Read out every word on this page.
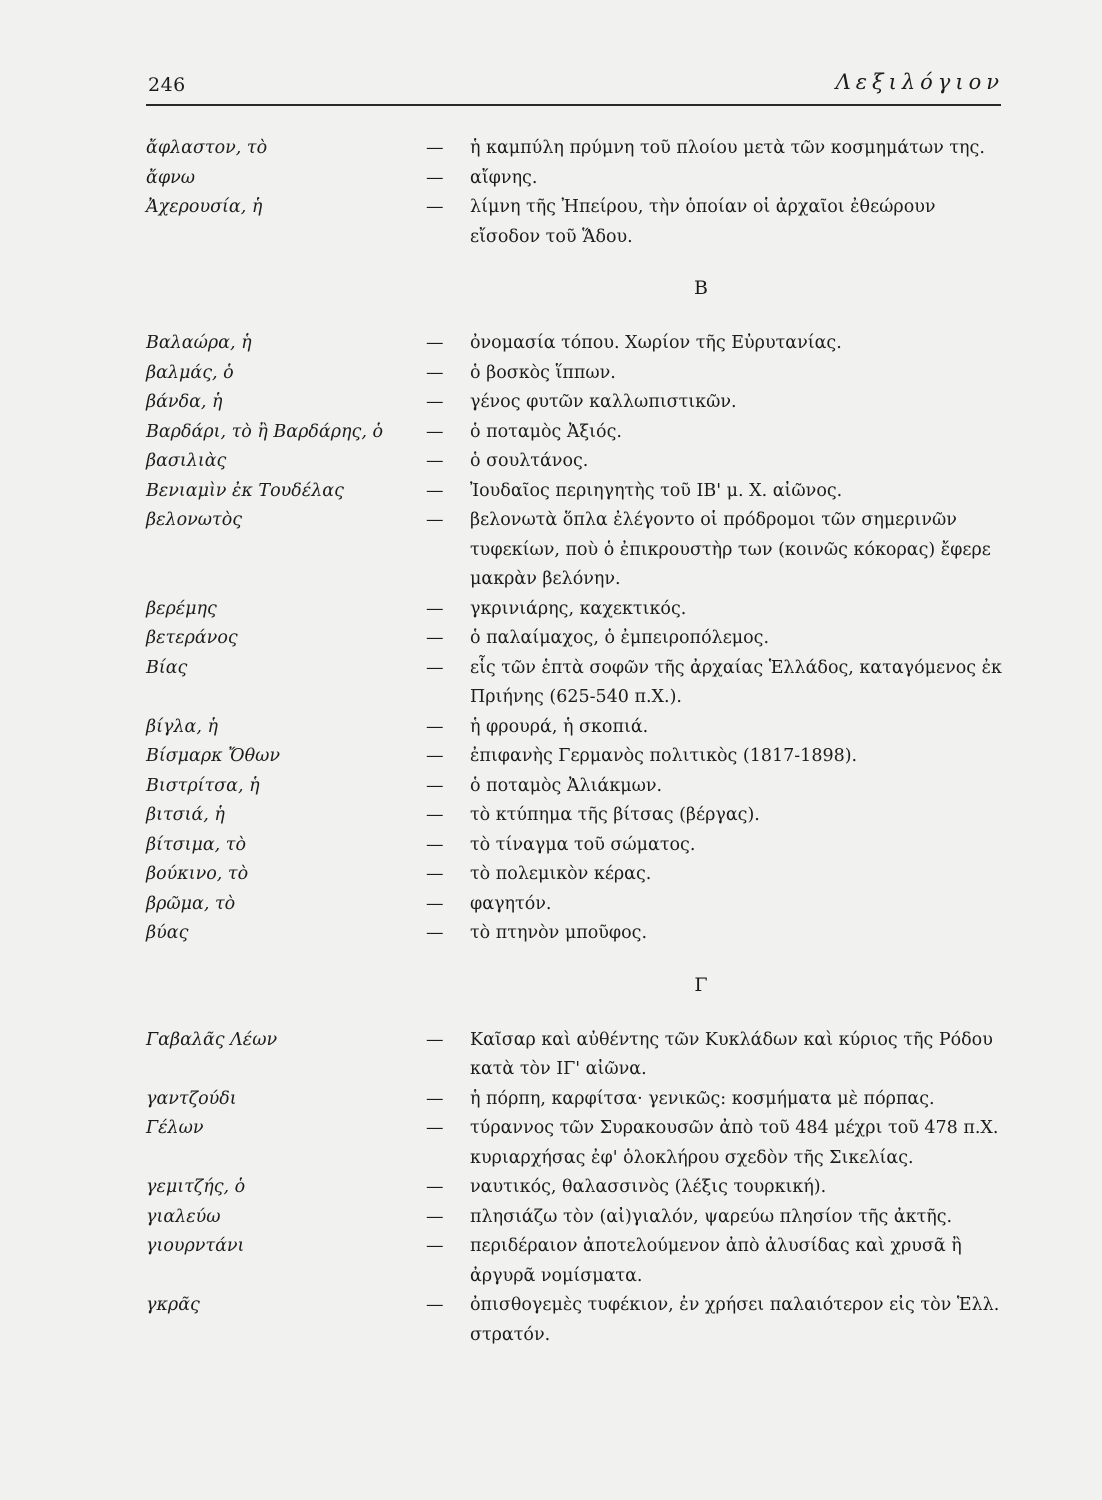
246	Λεξιλόγιον
ἄφλαστον, τὸ	—	ἡ καμπύλη πρύμνη τοῦ πλοίου μετὰ τῶν κοσμημάτων της.
ἄφνω	—	αἴφνης.
Ἀχερουσία, ἡ	—	λίμνη τῆς Ἠπείρου, τὴν ὁποίαν οἱ ἀρχαῖοι ἐθεώρουν εἴσοδον τοῦ Ἅδου.
Β
Βαλαώρα, ἡ	—	ὀνομασία τόπου. Χωρίον τῆς Εὐρυτανίας.
βαλμάς, ὁ	—	ὁ βοσκὸς ἵππων.
βάνδα, ἡ	—	γένος φυτῶν καλλωπιστικῶν.
Βαρδάρι, τὸ ἢ Βαρδάρης, ὁ	—	ὁ ποταμὸς Ἀξιός.
βασιλιὰς	—	ὁ σουλτάνος.
Βενιαμὶν ἐκ Τουδέλας	—	Ἰουδαῖος περιηγητὴς τοῦ ΙΒ' μ. Χ. αἰῶνος.
βελονωτὸς	—	βελονωτὰ ὅπλα ἐλέγοντο οἱ πρόδρομοι τῶν σημερινῶν τυφεκίων, ποὺ ὁ ἐπικρουστὴρ των (κοινῶς κόκορας) ἔφερε μακρὰν βελόνην.
βερέμης	—	γκρινιάρης, καχεκτικός.
βετεράνος	—	ὁ παλαίμαχος, ὁ ἐμπειροπόλεμος.
Βίας	—	εἷς τῶν ἑπτὰ σοφῶν τῆς ἀρχαίας Ἑλλάδος, καταγόμενος ἐκ Πριήνης (625-540 π.Χ.).
βίγλα, ἡ	—	ἡ φρουρά, ἡ σκοπιά.
Βίσμαρκ Ὄθων	—	ἐπιφανὴς Γερμανὸς πολιτικὸς (1817-1898).
Βιστρίτσα, ἡ	—	ὁ ποταμὸς Ἀλιάκμων.
βιτσιά, ἡ	—	τὸ κτύπημα τῆς βίτσας (βέργας).
βίτσιμα, τὸ	—	τὸ τίναγμα τοῦ σώματος.
βούκινο, τὸ	—	τὸ πολεμικὸν κέρας.
βρῶμα, τὸ	—	φαγητόν.
βύας	—	τὸ πτηνὸν μποῦφος.
Γ
Γαβαλᾶς Λέων	—	Καῖσαρ καὶ αὐθέντης τῶν Κυκλάδων καὶ κύριος τῆς Ρόδου κατὰ τὸν ΙΓ' αἰῶνα.
γαντζούδι	—	ἡ πόρπη, καρφίτσα· γενικῶς: κοσμήματα μὲ πόρπας.
Γέλων	—	τύραννος τῶν Συρακουσῶν ἀπὸ τοῦ 484 μέχρι τοῦ 478 π.Χ. κυριαρχήσας ἐφ' ὁλοκλήρου σχεδὸν τῆς Σικελίας.
γεμιτζής, ὁ	—	ναυτικός, θαλασσινὸς (λέξις τουρκική).
γιαλεύω	—	πλησιάζω τὸν (αἰ)γιαλόν, ψαρεύω πλησίον τῆς ἀκτῆς.
γιουρντάνι	—	περιδέραιον ἀποτελούμενον ἀπὸ ἀλυσίδας καὶ χρυσᾶ ἢ ἀργυρᾶ νομίσματα.
γκρᾶς	—	ὀπισθογεμὲς τυφέκιον, ἐν χρήσει παλαιότερον εἰς τὸν Ἑλλ. στρατόν.
